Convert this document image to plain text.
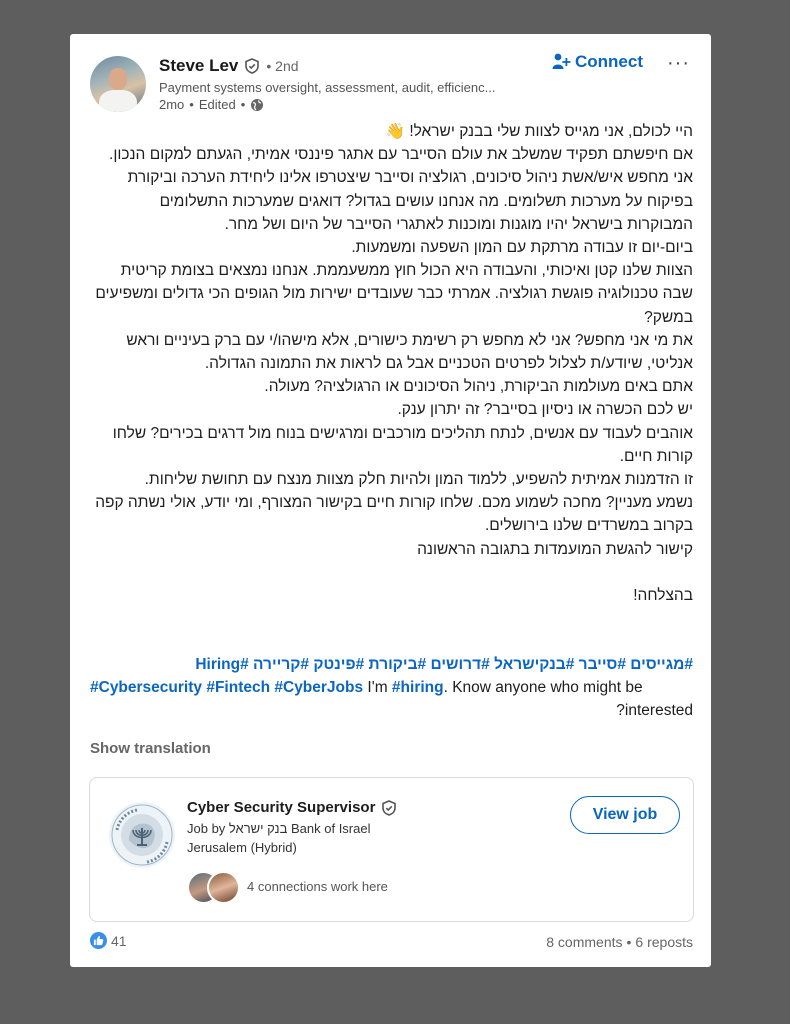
Steve Lev • 2nd
Payment systems oversight, assessment, audit, efficienc...
2mo • Edited •
Connect ···

היי לכולם, אני מגייס לצוות שלי בבנק ישראל! 👋

אם חיפשתם תפקיד שמשלב את עולם הסייבר עם אתגר פיננסי אמיתי, הגעתם למקום הנכון.

אני מחפש איש/אשת ניהול סיכונים, רגולציה וסייבר שיצטרפו אלינו ליחידת הערכה וביקורת בפיקוח על מערכות תשלומים. מה אנחנו עושים בגדול? דואגים שמערכות התשלומים המבוקרות בישראל יהיו מוגנות ומוכנות לאתגרי הסייבר של היום ושל מחר.

ביום-יום זו עבודה מרתקת עם המון השפעה ומשמעות.

הצוות שלנו קטן ואיכותי, והעבודה היא הכול חוץ ממשעממת. אנחנו נמצאים בצומת קריטית שבה טכנולוגיה פוגשת רגולציה. אמרתי כבר שעובדים ישירות מול הגופים הכי גדולים ומשפיעים במשק?

את מי אני מחפש? אני לא מחפש רק רשימת כישורים, אלא מישהו/י עם ברק בעיניים וראש אנליטי, שיודע/ת לצלול לפרטים הטכניים אבל גם לראות את התמונה הגדולה.

אתם באים מעולמות הביקורת, ניהול הסיכונים או הרגולציה? מעולה.

יש לכם הכשרה או ניסיון בסייבר? זה יתרון ענק.

אוהבים לעבוד עם אנשים, לנתח תהליכים מורכבים ומרגישים בנוח מול דרגים בכירים? שלחו קורות חיים.

זו הזדמנות אמיתית להשפיע, ללמוד המון ולהיות חלק מצוות מנצח עם תחושת שליחות.

נשמע מעניין? מחכה לשמוע מכם. שלחו קורות חיים בקישור המצורף, ומי יודע, אולי נשתה קפה בקרוב במשרדים שלנו בירושלים.

קישור להגשת המועמדות בתגובה הראשונה

בהצלחה!

#מגייסים #סייבר #בנקישראל #דרושים #ביקורת #פינטק #קריירה #Hiring
#Cybersecurity #Fintech #CyberJobs I'm #hiring. Know anyone who might be
?interested
Show translation
Cyber Security Supervisor
Job by בנק ישראל Bank of Israel
Jerusalem (Hybrid)
4 connections work here
View job
41	8 comments • 6 reposts
